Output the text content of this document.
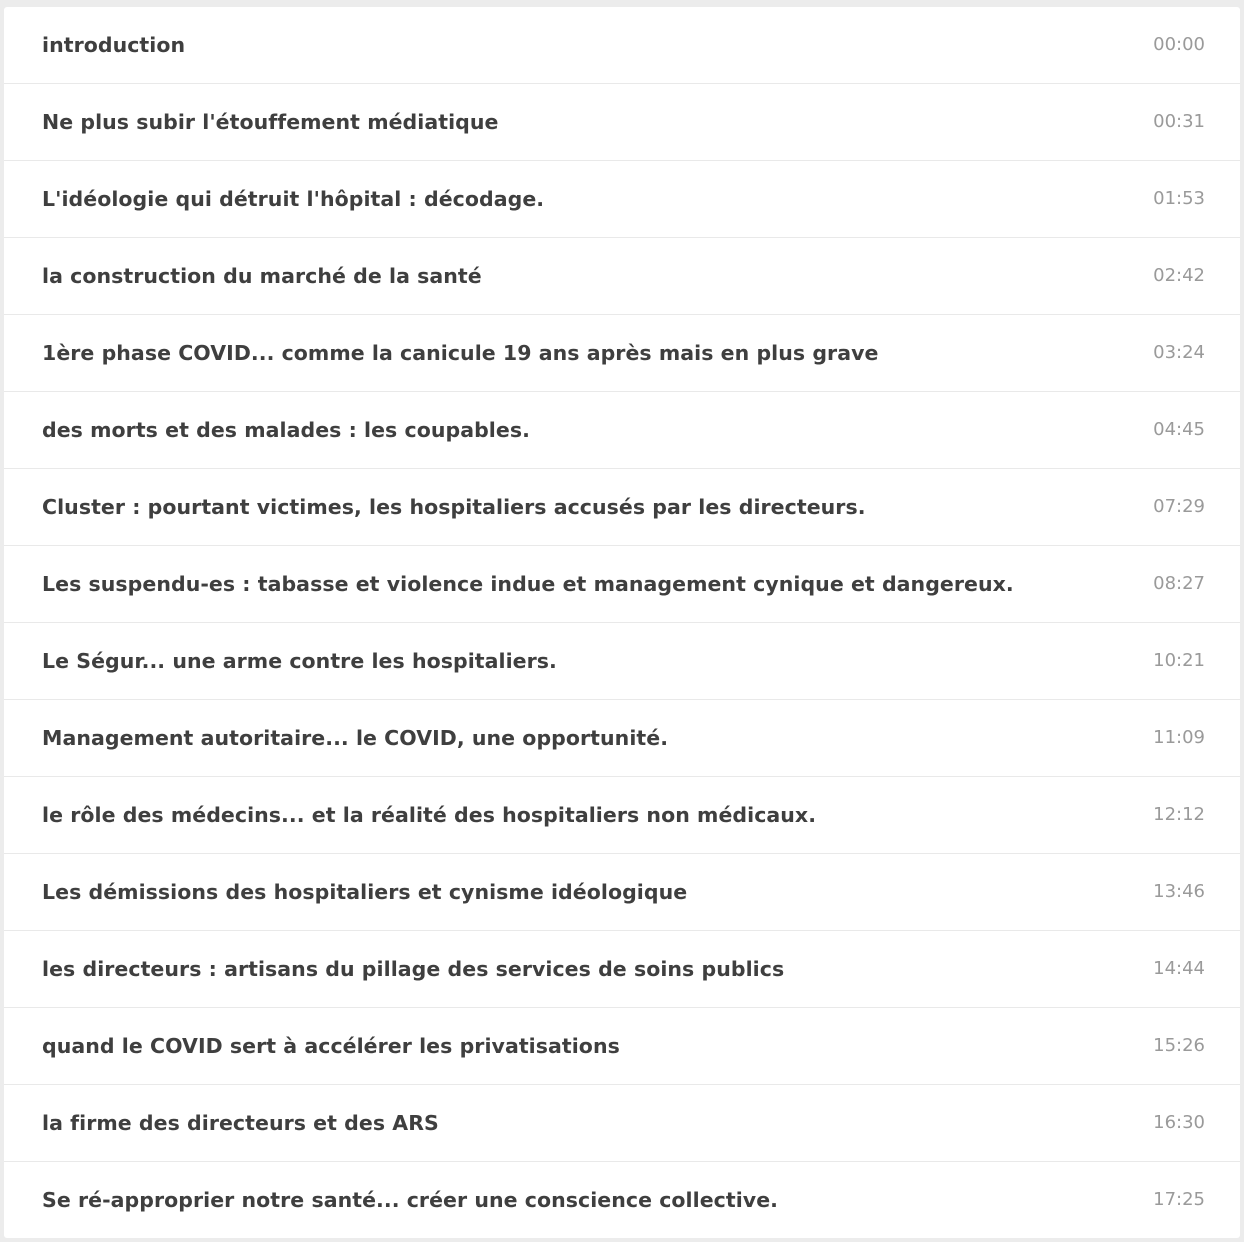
introduction	00:00
Ne plus subir l'étouffement médiatique	00:31
L'idéologie qui détruit l'hôpital : décodage.	01:53
la construction du marché de la santé	02:42
1ère phase COVID... comme la canicule 19 ans après mais en plus grave	03:24
des morts et des malades : les coupables.	04:45
Cluster : pourtant victimes, les hospitaliers accusés par les directeurs.	07:29
Les suspendu-es : tabasse et violence indue et management cynique et dangereux.	08:27
Le Ségur... une arme contre les hospitaliers.	10:21
Management autoritaire... le COVID, une opportunité.	11:09
le rôle des médecins... et la réalité des hospitaliers non médicaux.	12:12
Les démissions des hospitaliers et cynisme idéologique	13:46
les directeurs : artisans du pillage des services de soins publics	14:44
quand le COVID sert à accélérer les privatisations	15:26
la firme des directeurs et des ARS	16:30
Se ré-approprier notre santé... créer une conscience collective.	17:25
